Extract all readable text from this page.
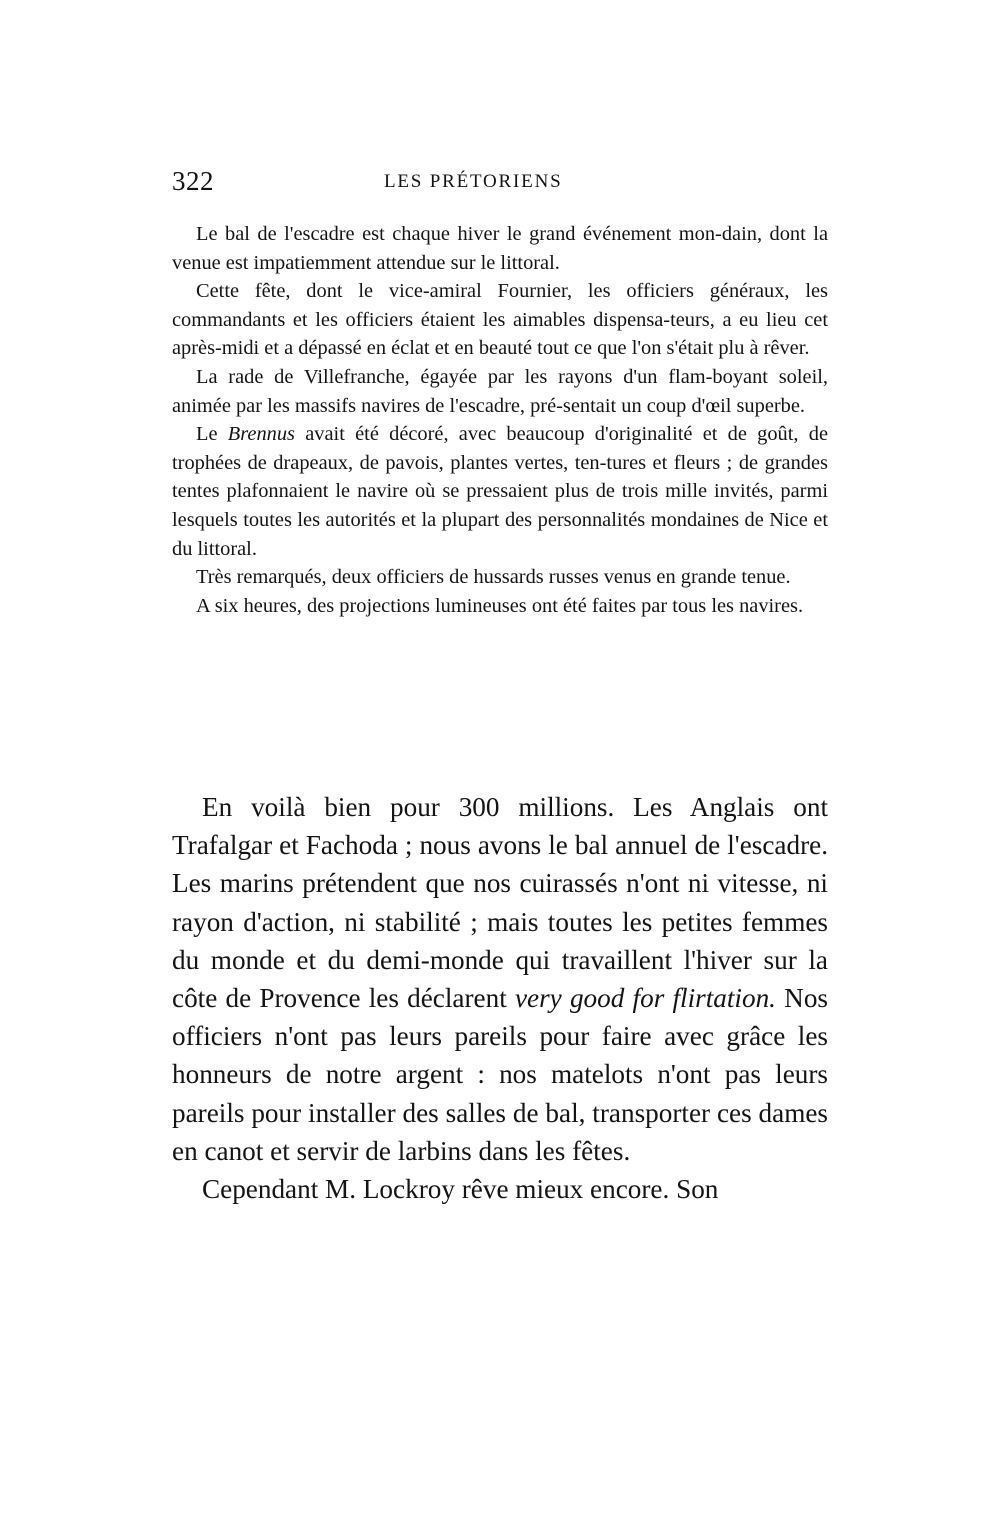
322	LES PRÉTORIENS

Le bal de l'escadre est chaque hiver le grand événement mon-dain, dont la venue est impatiemment attendue sur le littoral.

Cette fête, dont le vice-amiral Fournier, les officiers généraux, les commandants et les officiers étaient les aimables dispensa-teurs, a eu lieu cet après-midi et a dépassé en éclat et en beauté tout ce que l'on s'était plu à rêver.

La rade de Villefranche, égayée par les rayons d'un flam-boyant soleil, animée par les massifs navires de l'escadre, pré-sentait un coup d'œil superbe.

Le Brennus avait été décoré, avec beaucoup d'originalité et de goût, de trophées de drapeaux, de pavois, plantes vertes, ten-tures et fleurs ; de grandes tentes plafonnaient le navire où se pressaient plus de trois mille invités, parmi lesquels toutes les autorités et la plupart des personnalités mondaines de Nice et du littoral.

Très remarqués, deux officiers de hussards russes venus en grande tenue.

A six heures, des projections lumineuses ont été faites par tous les navires.

En voilà bien pour 300 millions. Les Anglais ont Trafalgar et Fachoda ; nous avons le bal annuel de l'escadre. Les marins prétendent que nos cuirassés n'ont ni vitesse, ni rayon d'action, ni stabilité ; mais toutes les petites femmes du monde et du demi-monde qui travaillent l'hiver sur la côte de Provence les déclarent very good for flirtation. Nos officiers n'ont pas leurs pareils pour faire avec grâce les honneurs de notre argent : nos matelots n'ont pas leurs pareils pour installer des salles de bal, transporter ces dames en canot et servir de larbins dans les fêtes.

Cependant M. Lockroy rêve mieux encore. Son
